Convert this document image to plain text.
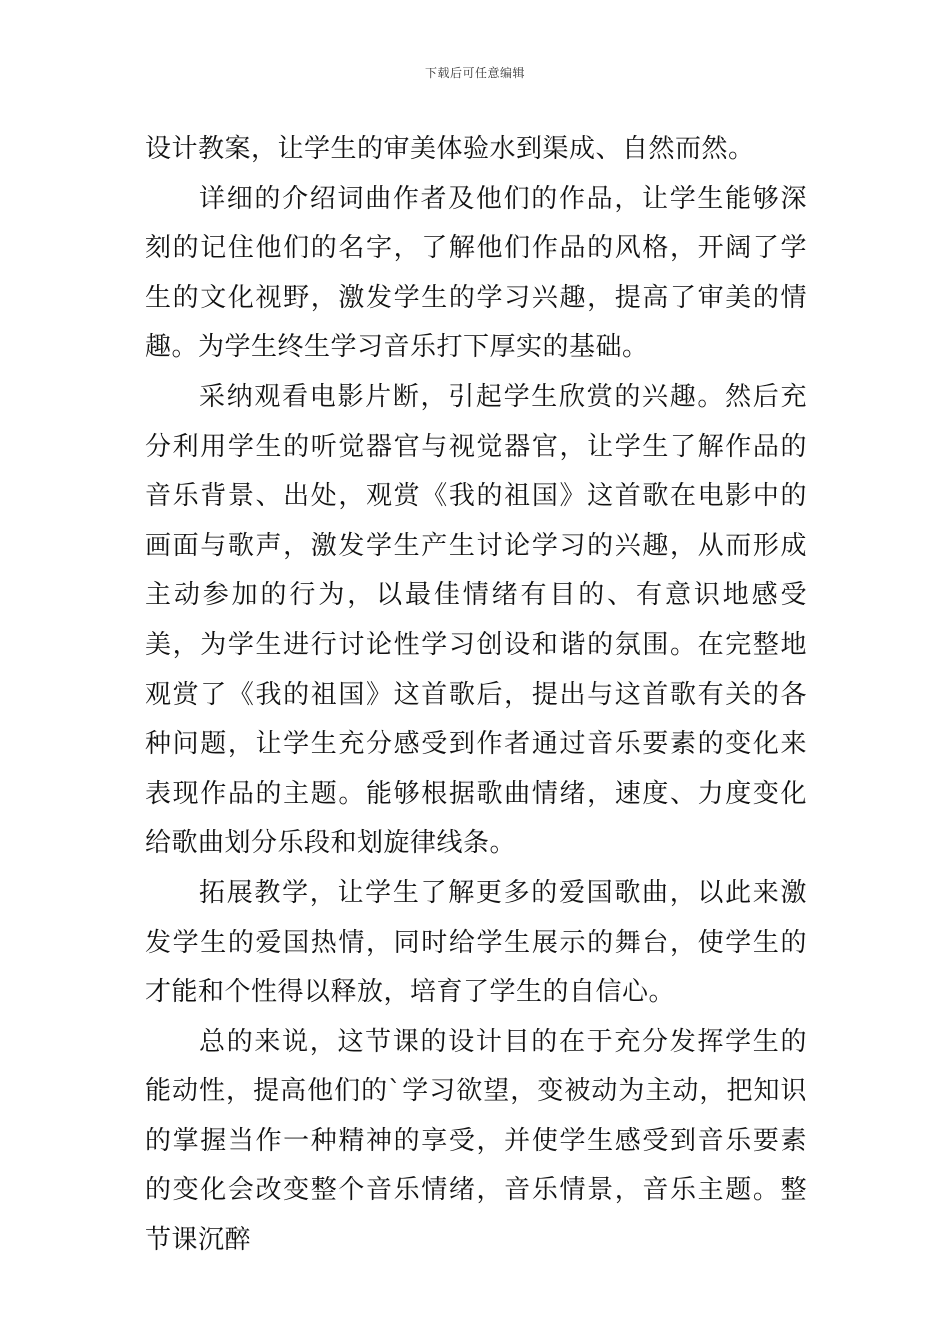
下载后可任意编辑

设计教案，让学生的审美体验水到渠成、自然而然。

详细的介绍词曲作者及他们的作品，让学生能够深刻的记住他们的名字，了解他们作品的风格，开阔了学生的文化视野，激发学生的学习兴趣，提高了审美的情趣。为学生终生学习音乐打下厚实的基础。

采纳观看电影片断，引起学生欣赏的兴趣。然后充分利用学生的听觉器官与视觉器官，让学生了解作品的音乐背景、出处，观赏《我的祖国》这首歌在电影中的画面与歌声，激发学生产生讨论学习的兴趣，从而形成主动参加的行为，以最佳情绪有目的、有意识地感受美，为学生进行讨论性学习创设和谐的氛围。在完整地观赏了《我的祖国》这首歌后，提出与这首歌有关的各种问题，让学生充分感受到作者通过音乐要素的变化来表现作品的主题。能够根据歌曲情绪，速度、力度变化给歌曲划分乐段和划旋律线条。

拓展教学，让学生了解更多的爱国歌曲，以此来激发学生的爱国热情，同时给学生展示的舞台，使学生的才能和个性得以释放，培育了学生的自信心。

总的来说，这节课的设计目的在于充分发挥学生的能动性，提高他们的`学习欲望，变被动为主动，把知识的掌握当作一种精神的享受，并使学生感受到音乐要素的变化会改变整个音乐情绪，音乐情景，音乐主题。整节课沉醉
